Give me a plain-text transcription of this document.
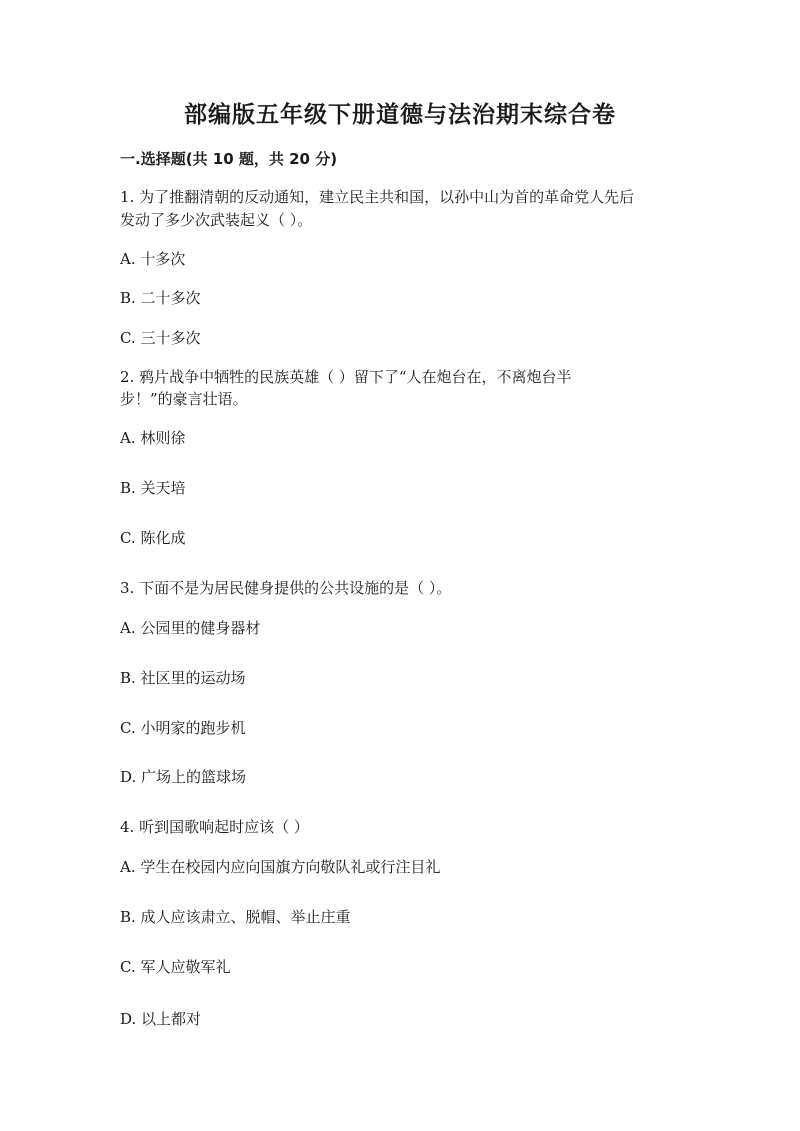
部编版五年级下册道德与法治期末综合卷
一.选择题(共 10 题，共 20 分)
1. 为了推翻清朝的反动通知，建立民主共和国，以孙中山为首的革命党人先后
发动了多少次武装起义（ ）。
A. 十多次
B. 二十多次
C. 三十多次
2. 鸦片战争中牺牲的民族英雄（ ）留下了“人在炮台在，不离炮台半
步！”的豪言壮语。
A. 林则徐
B. 关天培
C. 陈化成
3. 下面不是为居民健身提供的公共设施的是（ ）。
A. 公园里的健身器材
B. 社区里的运动场
C. 小明家的跑步机
D. 广场上的篮球场
4. 听到国歌响起时应该（ ）
A. 学生在校园内应向国旗方向敬队礼或行注目礼
B. 成人应该肃立、脱帽、举止庄重
C. 军人应敬军礼
D. 以上都对
